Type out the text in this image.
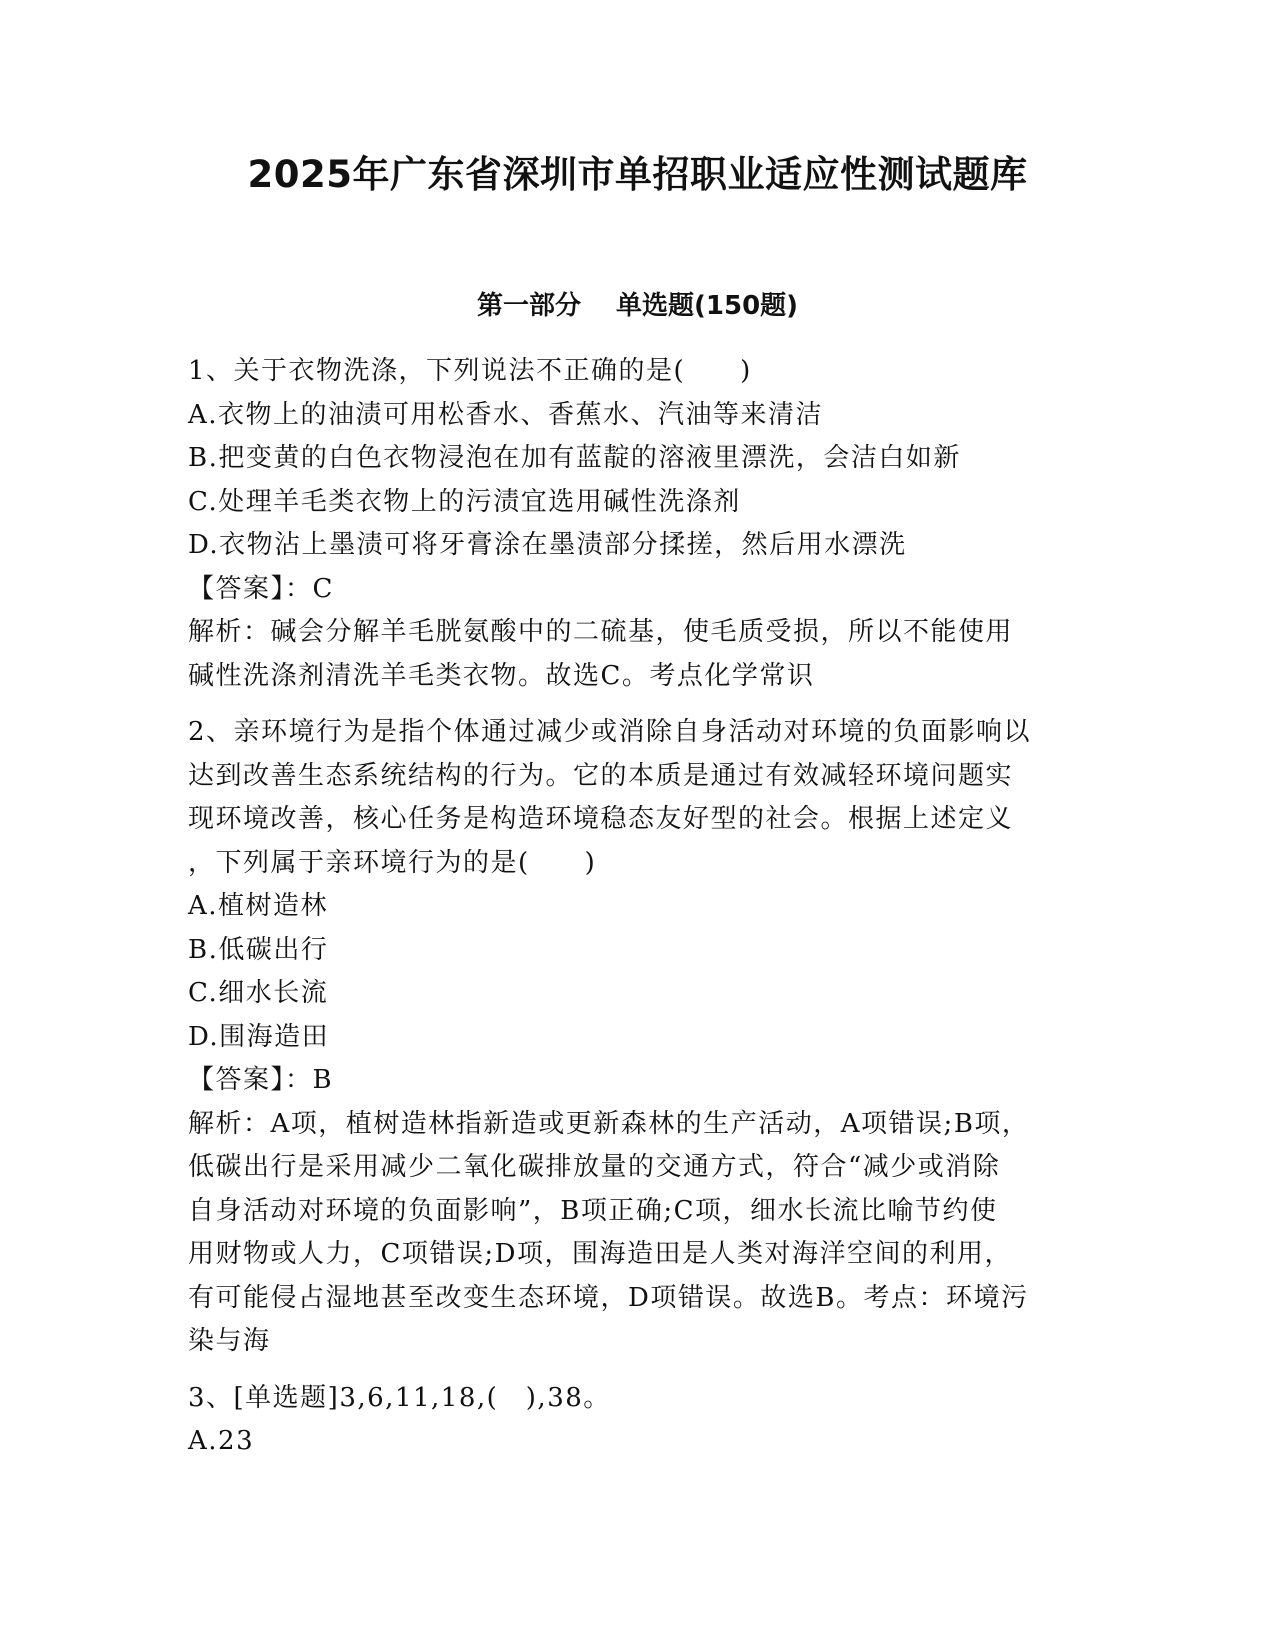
2025年广东省深圳市单招职业适应性测试题库
第一部分　 单选题(150题)
1、关于衣物洗涤，下列说法不正确的是(　　)
A.衣物上的油渍可用松香水、香蕉水、汽油等来清洁
B.把变黄的白色衣物浸泡在加有蓝靛的溶液里漂洗，会洁白如新
C.处理羊毛类衣物上的污渍宜选用碱性洗涤剂
D.衣物沾上墨渍可将牙膏涂在墨渍部分揉搓，然后用水漂洗
【答案】：C
解析：碱会分解羊毛胱氨酸中的二硫基，使毛质受损，所以不能使用
碱性洗涤剂清洗羊毛类衣物。故选C。考点化学常识
2、亲环境行为是指个体通过减少或消除自身活动对环境的负面影响以
达到改善生态系统结构的行为。它的本质是通过有效减轻环境问题实
现环境改善，核心任务是构造环境稳态友好型的社会。根据上述定义
，下列属于亲环境行为的是(　　)
A.植树造林
B.低碳出行
C.细水长流
D.围海造田
【答案】：B
解析：A项，植树造林指新造或更新森林的生产活动，A项错误;B项，
低碳出行是采用减少二氧化碳排放量的交通方式，符合“减少或消除
自身活动对环境的负面影响”，B项正确;C项，细水长流比喻节约使
用财物或人力，C项错误;D项，围海造田是人类对海洋空间的利用，
有可能侵占湿地甚至改变生态环境，D项错误。故选B。考点：环境污
染与海
3、[单选题]3,6,11,18,(　),38。
A.23
